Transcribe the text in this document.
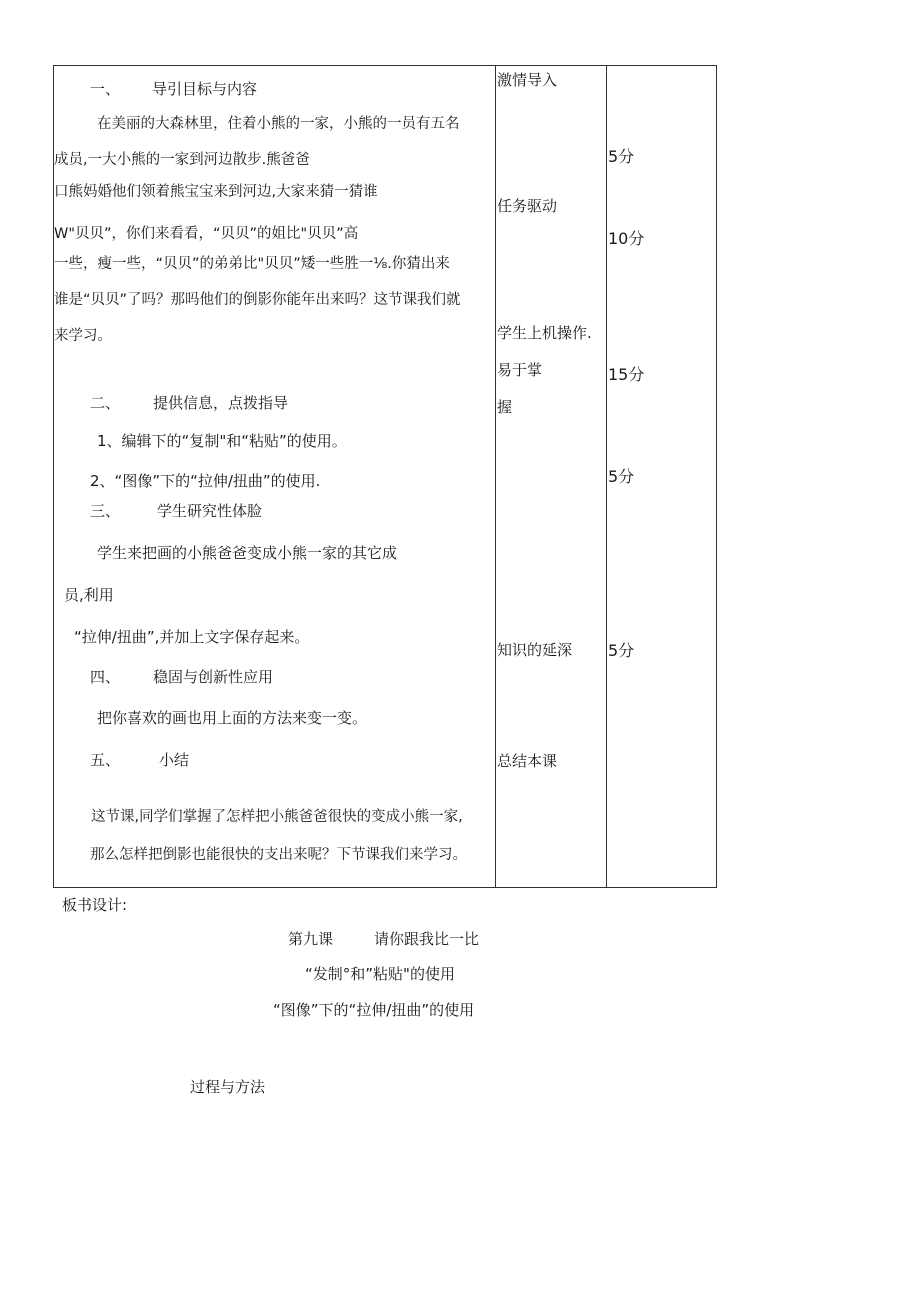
一、 导引目标与内容
在美丽的大森林里，住着小熊的一家，小熊的一员有五名
成员,一大小熊的一家到河边散步.熊爸爸
口熊妈婚他们领着熊宝宝来到河边,大家来猜一猜谁
W"贝贝”，你们来看看，“贝贝”的姐比"贝贝”高
一些，瘦一些，“贝贝”的弟弟比"贝贝”矮一些胜一⅛.你猜出来
谁是“贝贝”了吗？那吗他们的倒影你能年出来吗？这节课我们就
来学习。
二、 提供信息，点拨指导
1、编辑下的“复制"和“粘贴”的使用。
2、“图像”下的“拉伸/扭曲”的使用.
三、 学生研究性体脸
学生来把画的小熊爸爸变成小熊一家的其它成
员,利用
“拉伸/扭曲”,并加上文字保存起来。
四、 稳固与创新性应用
把你喜欢的画也用上面的方法来变一变。
五、	小结
这节课,同学们掌握了怎样把小熊爸爸很快的变成小熊一家,
那么怎样把倒影也能很快的支出来呢？下节课我们来学习。
激情导入
任务驱动
学生上机操作.
易于掌
握
知识的延深
总结本课
5分
10分
15分
5分
5分
板书设计:
第九课	请你跟我比一比
“发制°和”粘贴"的使用
“图像”下的“拉伸/扭曲”的使用
过程与方法
